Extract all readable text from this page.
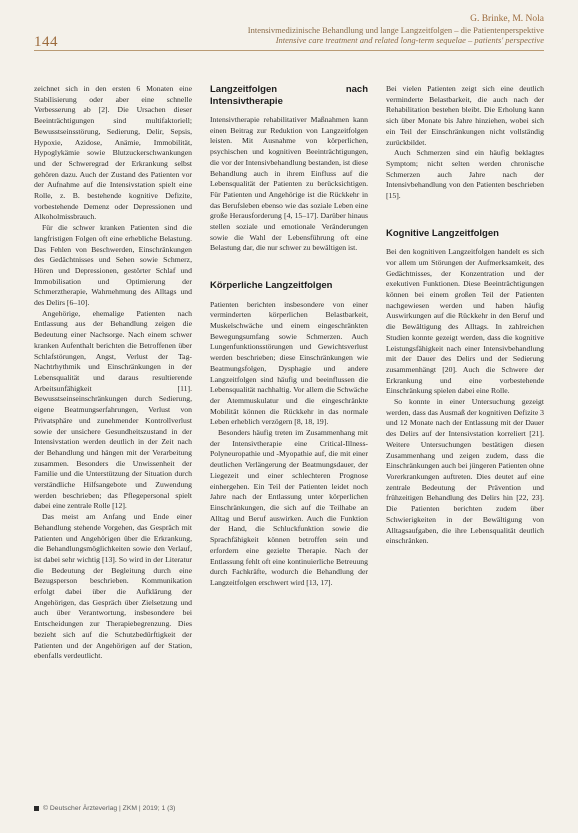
144
G. Brinke, M. Nola
Intensivmedizinische Behandlung und lange Langzeitfolgen – die Patientenperspektive
Intensive care treatment and related long-term sequelae – patients' perspective

zeichnet sich in den ersten 6 Monaten eine Stabilisierung oder aber eine schnelle Verbesserung ab [2]. Die Ursachen dieser Beeinträchtigungen sind multifaktoriell; Bewusstseinsstörung, Sedierung, Delir, Sepsis, Hypoxie, Azidose, Anämie, Immobilität, Hypoglykämie sowie Blutzuckerschwankungen und der Schweregrad der Erkrankung selbst gehören dazu. Auch der Zustand des Patienten vor der Aufnahme auf die Intensivstation spielt eine Rolle, z. B. bestehende kognitive Defizite, vorbestehende Demenz oder Depressionen und Alkoholmissbrauch.

Für die schwer kranken Patienten sind die langfristigen Folgen oft eine erhebliche Belastung. Das Fehlen von Beschwerden, Einschränkungen des Gedächtnisses und Sehen sowie Schmerz, Hören und Depressionen, gestörter Schlaf und Immobilisation und Optimierung der Schmerztherapie, Wahrnehmung des Alltags und des Delirs [6–10].

Angehörige, ehemalige Patienten nach Entlassung aus der Behandlung zeigen die Bedeutung einer Nachsorge. Nach einem schwer kranken Aufenthalt berichten die Betroffenen über Schlafstörungen, Angst, Verlust der Tag-Nachtrhythmik und Einschränkungen in der Lebensqualität und daraus resultierende Arbeitsunfähigkeit [11]. Bewusstseinseinschränkungen durch Sedierung, eigene Beatmungserfahrungen, Verlust von Privatsphäre und zunehmender Kontrollverlust sowie der unsichere Gesundheitszustand in der Intensivstation werden deutlich in der Zeit nach der Behandlung und hängen mit der Verarbeitung zusammen. Besonders die Unwissenheit der Familie und die Unterstützung der Situation durch verständliche Hilfsangebote und Zuwendung werden beschrieben; das Pflegepersonal spielt dabei eine zentrale Rolle [12].

Das meist am Anfang und Ende einer Behandlung stehende Vorgehen, das Gespräch mit Patienten und Angehörigen über die Erkrankung, die Behandlungsmöglichkeiten sowie den Verlauf, ist dabei sehr wichtig [13]. So wird in der Literatur die Bedeutung der Begleitung durch eine Bezugsperson beschrieben. Kommunikation erfolgt dabei über die Aufklärung der Angehörigen, das Gespräch über Zielsetzung und auch über Verantwortung, insbesondere bei Entscheidungen zur Therapiebegrenzung. Dies bezieht sich auf die Schutzbedürftigkeit der Patienten und der Angehörigen auf der Station, ebenfalls verdeutlicht.

Langzeitfolgen nach Intensivtherapie

Intensivtherapie rehabilitativer Maßnahmen kann einen Beitrag zur Reduktion von Langzeitfolgen leisten. Mit Ausnahme von körperlichen, psychischen und kognitiven Beeinträchtigungen, die vor der Intensivbehandlung bestanden, ist diese Behandlung auch in ihrem Einfluss auf die Lebensqualität der Patienten zu berücksichtigen. Für Patienten und Angehörige ist die Rückkehr in das Berufsleben ebenso wie das soziale Leben eine große Herausforderung [4, 15–17]. Darüber hinaus stellen soziale und emotionale Veränderungen sowie die Wahl der Lebensführung oft eine Belastung dar, die nur schwer zu bewältigen ist.

Körperliche Langzeitfolgen

Patienten berichten insbesondere von einer verminderten körperlichen Belastbarkeit, Muskelschwäche und einem eingeschränkten Bewegungsumfang sowie Schmerzen. Auch Lungenfunktionsstörungen und Gewichtsverlust werden beschrieben; diese Einschränkungen wie Beatmungsfolgen, Dysphagie und andere Langzeitfolgen sind häufig und beeinflussen die Lebensqualität nachhaltig. Vor allem die Schwäche der Atemmuskulatur und die eingeschränkte Mobilität können die Rückkehr in das normale Leben erheblich verzögern [8, 18, 19].

Besonders häufig treten im Zusammenhang mit der Intensivtherapie eine Critical-Illness-Polyneuropathie und -Myopathie auf, die mit einer deutlichen Verlängerung der Beatmungsdauer, der Liegezeit und einer schlechteren Prognose einhergehen. Ein Teil der Patienten leidet noch Jahre nach der Entlassung unter körperlichen Einschränkungen, die sich auf die Teilhabe an Alltag und Beruf auswirken. Auch die Funktion der Hand, die Schluckfunktion sowie die Sprachfähigkeit können betroffen sein und erfordern eine gezielte Therapie. Nach der Entlassung fehlt oft eine kontinuierliche Betreuung durch Fachkräfte, wodurch die Behandlung der Langzeitfolgen erschwert wird [13, 17].

Bei vielen Patienten zeigt sich eine deutlich verminderte Belastbarkeit, die auch nach der Rehabilitation bestehen bleibt. Die Erholung kann sich über Monate bis Jahre hinziehen, wobei sich ein Teil der Einschränkungen nicht vollständig zurückbildet.

Auch Schmerzen sind ein häufig beklagtes Symptom; nicht selten werden chronische Schmerzen auch Jahre nach der Intensivbehandlung von den Patienten beschrieben [15].

Kognitive Langzeitfolgen

Bei den kognitiven Langzeitfolgen handelt es sich vor allem um Störungen der Aufmerksamkeit, des Gedächtnisses, der Konzentration und der exekutiven Funktionen. Diese Beeinträchtigungen können bei einem großen Teil der Patienten nachgewiesen werden und haben häufig Auswirkungen auf die Rückkehr in den Beruf und die Bewältigung des Alltags. In zahlreichen Studien konnte gezeigt werden, dass die kognitive Leistungsfähigkeit nach einer Intensivbehandlung mit der Dauer des Delirs und der Sedierung zusammenhängt [20]. Auch die Schwere der Erkrankung und eine vorbestehende Einschränkung spielen dabei eine Rolle.

So konnte in einer Untersuchung gezeigt werden, dass das Ausmaß der kognitiven Defizite 3 und 12 Monate nach der Entlassung mit der Dauer des Delirs auf der Intensivstation korreliert [21]. Weitere Untersuchungen bestätigen diesen Zusammenhang und zeigen zudem, dass die Einschränkungen auch bei jüngeren Patienten ohne Vorerkrankungen auftreten. Dies deutet auf eine zentrale Bedeutung der Prävention und frühzeitigen Behandlung des Delirs hin [22, 23]. Die Patienten berichten zudem über Schwierigkeiten in der Bewältigung von Alltagsaufgaben, die ihre Lebensqualität deutlich einschränken.

© Deutscher Ärzteverlag | ZKM | 2019; 1 (3)
